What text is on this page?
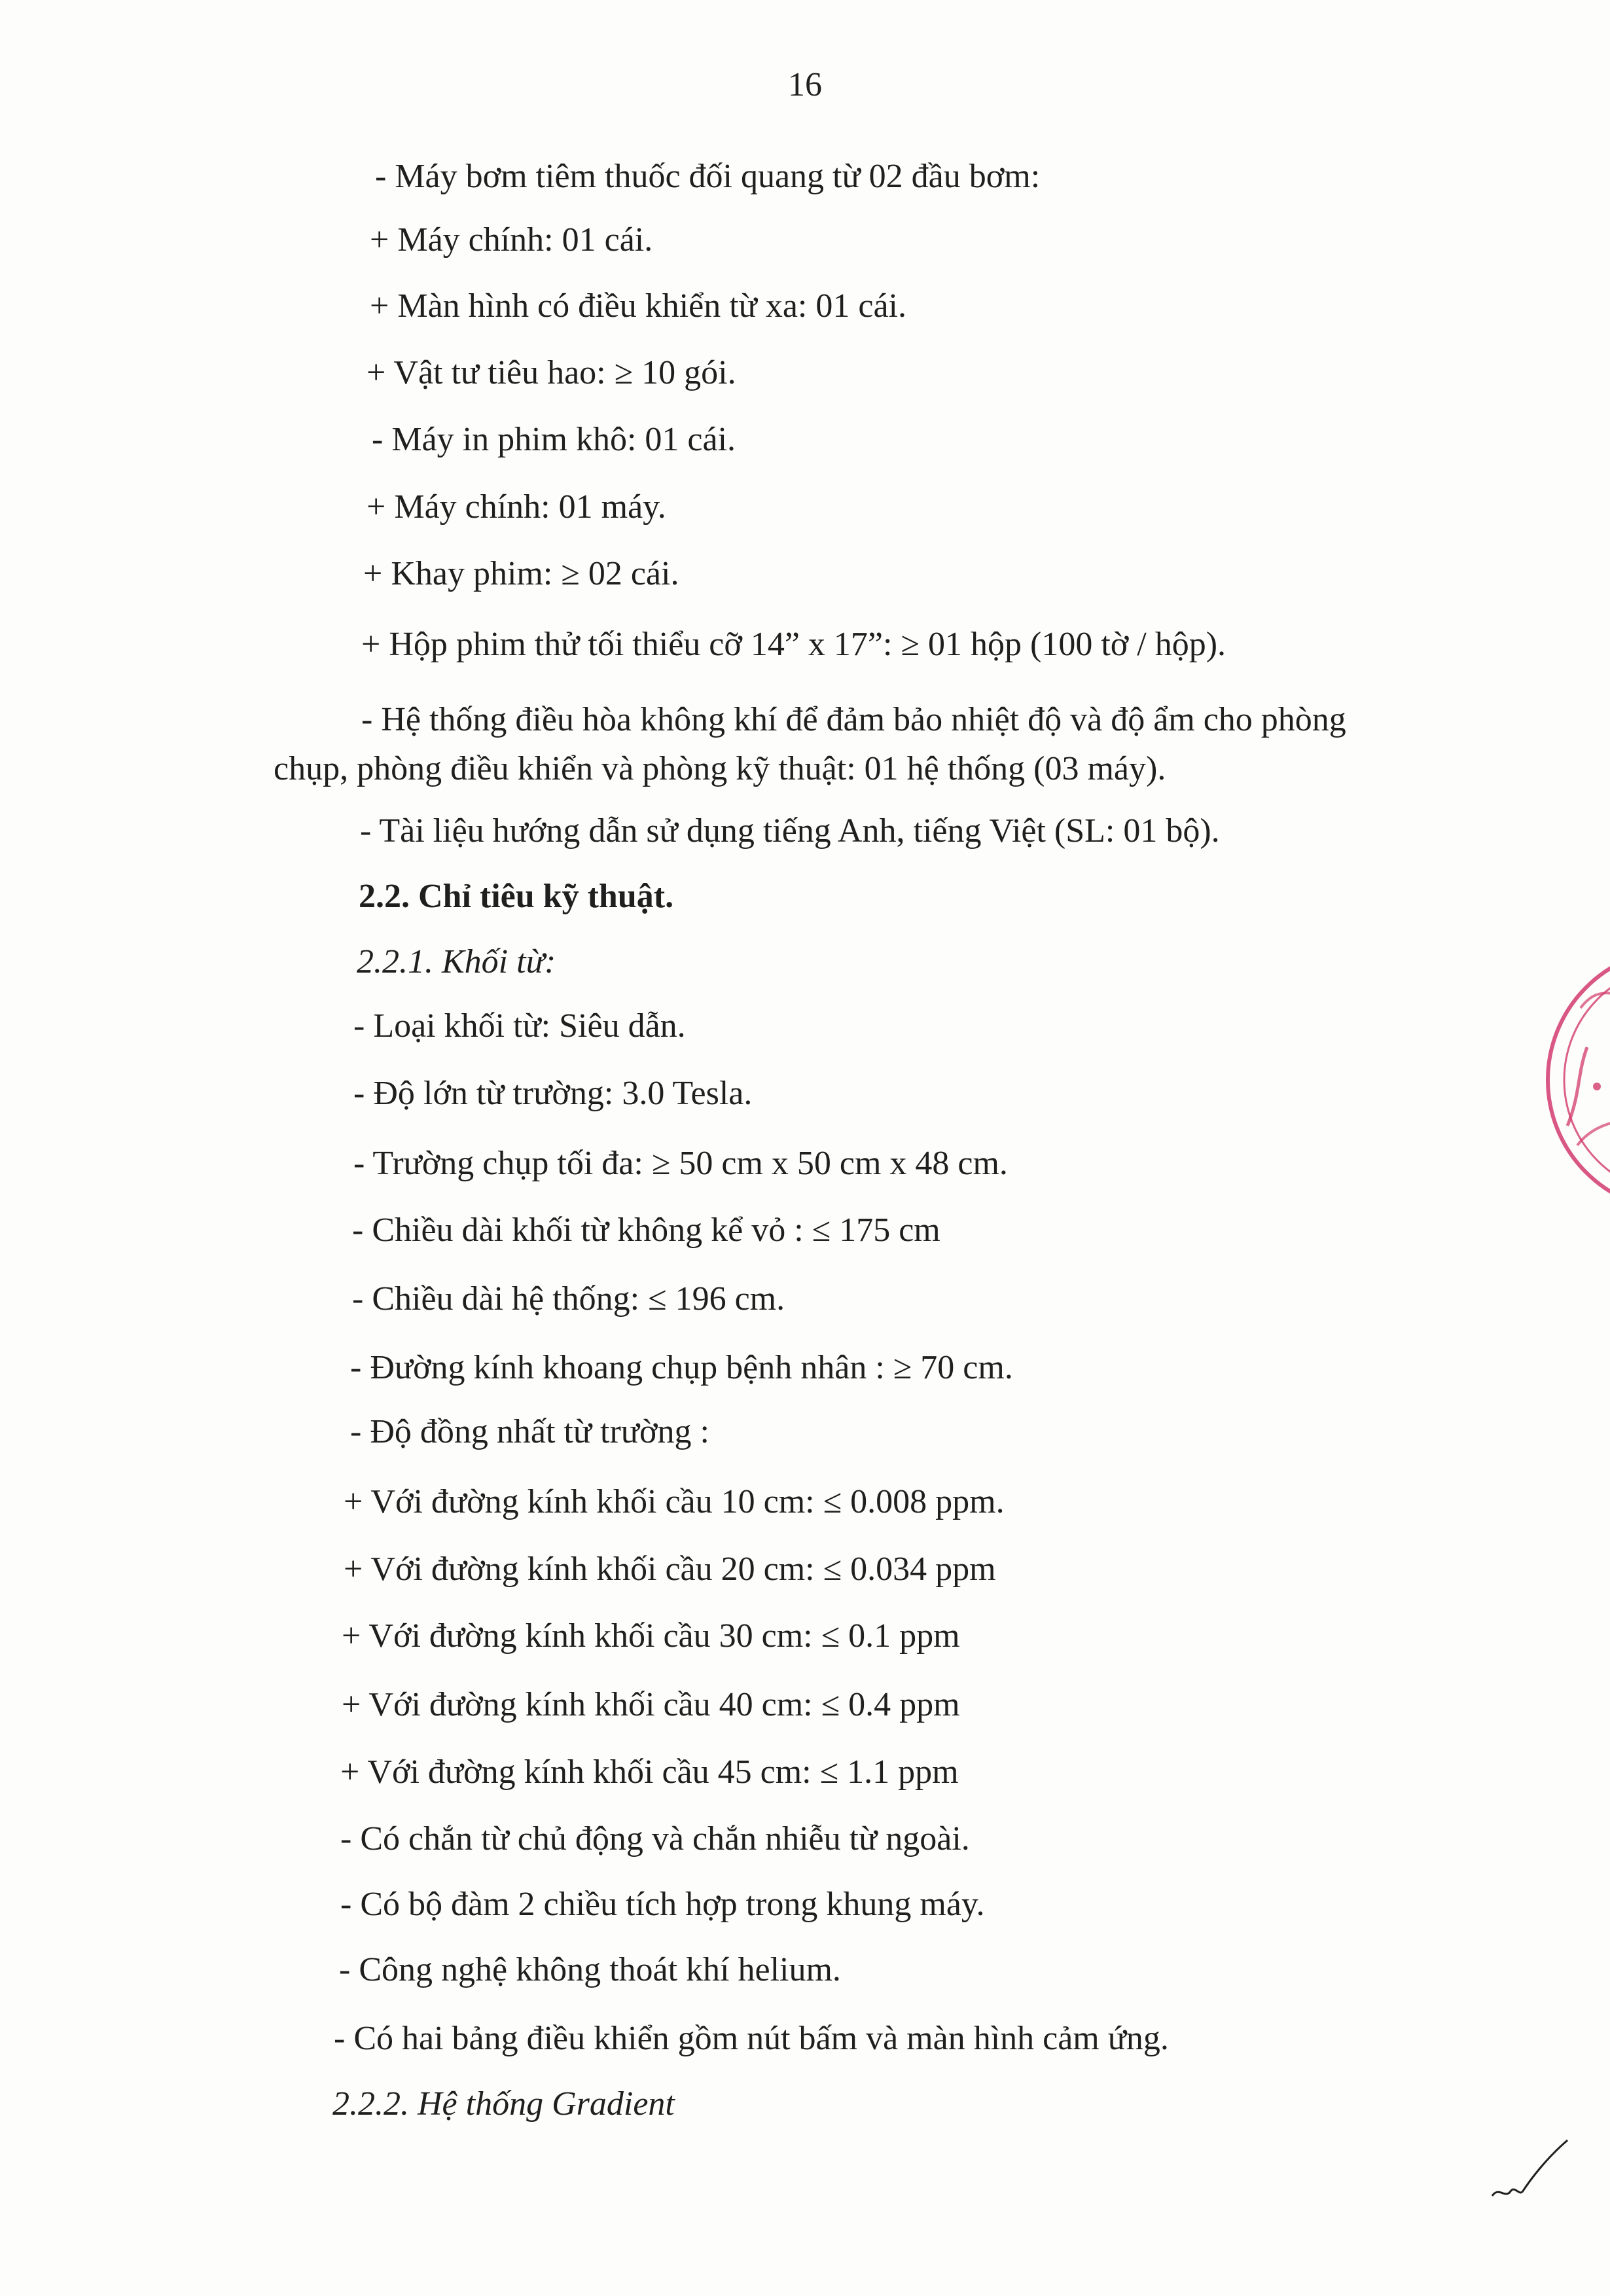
16
- Máy bơm tiêm thuốc đối quang từ 02 đầu bơm:
+ Máy chính: 01 cái.
+ Màn hình có điều khiển từ xa: 01 cái.
+ Vật tư tiêu hao: ≥ 10 gói.
- Máy in phim khô: 01 cái.
+ Máy chính: 01 máy.
+ Khay phim: ≥ 02 cái.
+ Hộp phim thử tối thiểu cỡ 14” x 17”: ≥ 01 hộp (100 tờ / hộp).
- Hệ thống điều hòa không khí để đảm bảo nhiệt độ và độ ẩm cho phòng
chụp, phòng điều khiển và phòng kỹ thuật: 01 hệ thống (03 máy).
- Tài liệu hướng dẫn sử dụng tiếng Anh, tiếng Việt (SL: 01 bộ).
2.2. Chỉ tiêu kỹ thuật.
2.2.1. Khối từ:
- Loại khối từ: Siêu dẫn.
- Độ lớn từ trường: 3.0 Tesla.
- Trường chụp tối đa: ≥ 50 cm x 50 cm x 48 cm.
- Chiều dài khối từ không kể vỏ : ≤ 175 cm
- Chiều dài hệ thống: ≤ 196 cm.
- Đường kính khoang chụp bệnh nhân : ≥ 70 cm.
- Độ đồng nhất từ trường :
+ Với đường kính khối cầu 10 cm: ≤ 0.008 ppm.
+ Với đường kính khối cầu 20 cm: ≤ 0.034 ppm
+ Với đường kính khối cầu 30 cm: ≤ 0.1 ppm
+ Với đường kính khối cầu 40 cm: ≤ 0.4 ppm
+ Với đường kính khối cầu 45 cm: ≤ 1.1 ppm
- Có chắn từ chủ động và chắn nhiễu từ ngoài.
- Có bộ đàm 2 chiều tích hợp trong khung máy.
- Công nghệ không thoát khí helium.
- Có hai bảng điều khiển gồm nút bấm và màn hình cảm ứng.
2.2.2. Hệ thống Gradient
